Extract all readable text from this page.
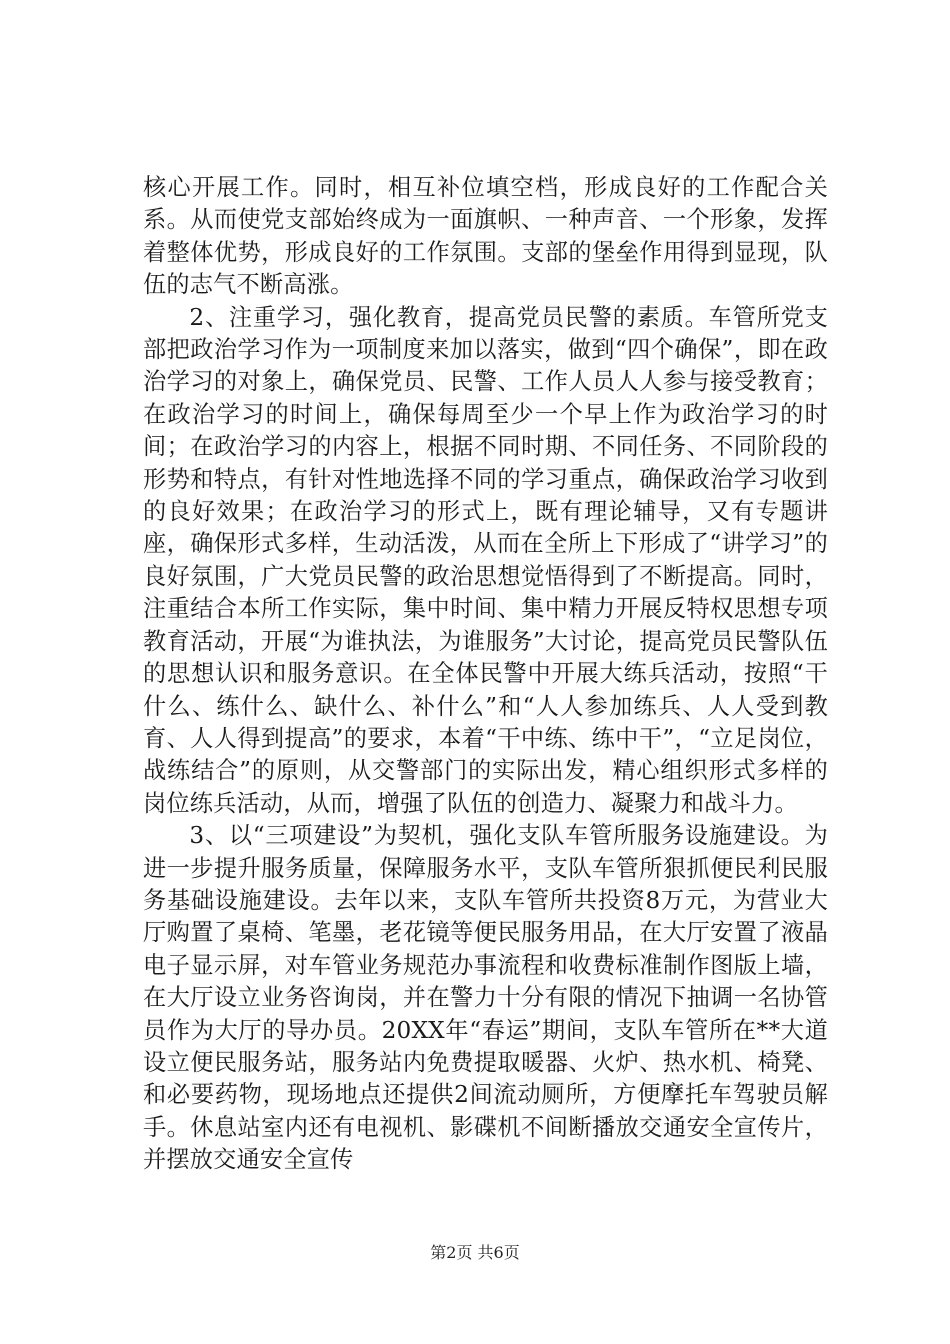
核心开展工作。同时，相互补位填空档，形成良好的工作配合关系。从而使党支部始终成为一面旗帜、一种声音、一个形象，发挥着整体优势，形成良好的工作氛围。支部的堡垒作用得到显现，队伍的志气不断高涨。

2、注重学习，强化教育，提高党员民警的素质。车管所党支部把政治学习作为一项制度来加以落实，做到“四个确保”，即在政治学习的对象上，确保党员、民警、工作人员人人参与接受教育；在政治学习的时间上，确保每周至少一个早上作为政治学习的时间；在政治学习的内容上，根据不同时期、不同任务、不同阶段的形势和特点，有针对性地选择不同的学习重点，确保政治学习收到的良好效果；在政治学习的形式上，既有理论辅导，又有专题讲座，确保形式多样，生动活泼，从而在全所上下形成了“讲学习”的良好氛围，广大党员民警的政治思想觉悟得到了不断提高。同时，注重结合本所工作实际，集中时间、集中精力开展反特权思想专项教育活动，开展“为谁执法，为谁服务”大讨论，提高党员民警队伍的思想认识和服务意识。在全体民警中开展大练兵活动，按照“干什么、练什么、缺什么、补什么”和“人人参加练兵、人人受到教育、人人得到提高”的要求，本着“干中练、练中干”，“立足岗位，战练结合”的原则，从交警部门的实际出发，精心组织形式多样的岗位练兵活动，从而，增强了队伍的创造力、凝聚力和战斗力。

3、以“三项建设”为契机，强化支队车管所服务设施建设。为进一步提升服务质量，保障服务水平，支队车管所狠抓便民利民服务基础设施建设。去年以来，支队车管所共投资8万元，为营业大厅购置了桌椅、笔墨，老花镜等便民服务用品，在大厅安置了液晶电子显示屏，对车管业务规范办事流程和收费标准制作图版上墙，在大厅设立业务咨询岗，并在警力十分有限的情况下抽调一名协管员作为大厅的导办员。20XX年“春运”期间，支队车管所在**大道设立便民服务站，服务站内免费提取暖器、火炉、热水机、椅凳、和必要药物，现场地点还提供2间流动厕所，方便摩托车驾驶员解手。休息站室内还有电视机、影碟机不间断播放交通安全宣传片，并摆放交通安全宣传

第2页 共6页
